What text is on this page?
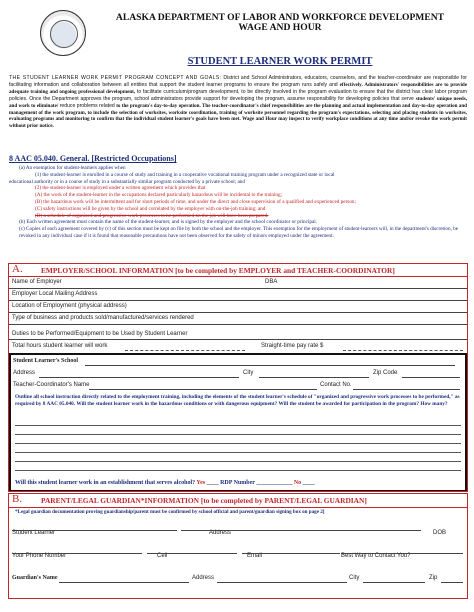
ALASKA DEPARTMENT OF LABOR AND WORKFORCE DEVELOPMENT
WAGE AND HOUR
STUDENT LEARNER WORK PERMIT
THE STUDENT LEARNER WORK PERMIT PROGRAM CONCEPT AND GOALS: District and School Administrators, educators, counselors, and the teacher-coordinator are responsible for facilitating information and collaboration between all entities that support the student learner programs to ensure the program runs safely and effectively. Administrators' responsibilities are to provide adequate training and ongoing professional development, to facilitate curriculum/program development, to be directly involved in the program evaluation to ensure that the district has clear labor program policies. Once the Department approves the program, school administrators provide support for developing the program, assume responsibility for developing policies that serve students' unique needs, and work to eliminate/ reduce problems related to the program's day-to-day operation. The teacher-coordinator's chief responsibilities are the planning and actual implementation and day-to-day operation and management of the work program, to include the selection of worksites, worksite coordination, training of worksite personnel regarding the program's expectations, selecting and placing students in worksites, evaluating programs and monitoring to confirm that the individual student learner's goals have been met. Wage and Hour may inspect to verify workplace conditions at any time and/or revoke the work permit without prior notice.
8 AAC 05.040. General. [Restricted Occupations]
(a) An exemption for student-learners applies when
(1) the student-learner is enrolled in a course of study and training in a cooperative vocational training program under a recognized state or local
educational authority or in a course of study in a substantially similar program conducted by a private school; and
(2) the student-learner is employed under a written agreement which provides that
(A) the work of the student-learner in the occupations declared particularly hazardous will be incidental to the training;
(B) the hazardous work will be intermittent and for short periods of time, and under the direct and close supervision of a qualified and experienced person;
(C) safety instructions will be given by the school and correlated by the employer with on-the-job training; and
(D) a schedule of organized and progressive work processes to be performed on the job will have been prepared.
(b) Each written agreement must contain the name of the student-learner, and is signed by the employer and the school coordinator or principal.
(c) Copies of each agreement covered by (c) of this section must be kept on file by both the school and the employer. This exemption for the employment of student-learners will, in the department's discretion, be revoked in any individual case if it is found that reasonable precautions have not been observed for the safety of minors employed under the agreement.
A. EMPLOYER/SCHOOL INFORMATION [to be completed by EMPLOYER and TEACHER-COORDINATOR]
Name of Employer	DBA
Employer Local Mailing Address
Location of Employment (physical address)
Type of business and products sold/manufactured/services rendered
Duties to be Performed/Equipment to be Used by Student Learner
Total hours student learner will work	Straight-time pay rate $
Student Learner's School
Address	City	Zip Code
Teacher-Coordinator's Name	Contact No.
Outline all school instruction directly related to the employment training, including the elements of the student learner's schedule of "organized and progressive work processes to be performed," as required by 8 AAC 05.040. Will the student learner work in the hazardous conditions or with dangerous equipment? Will the student be awarded for participation in the program? How many?
Will this student learner work in an establishment that serves alcohol? Yes ____ RDP Number ____________ No ____
B.	PARENT/LEGAL GUARDIAN*INFORMATION [to be completed by PARENT/LEGAL GUARDIAN]
*Legal guardian documentation proving guardianship/parent must be confirmed by school official and parent/guardian signing box on page 2]
Student Learner	Address	DOB
Your Phone Number	Cell	Email	Best Way to Contact You?
Guardian's Name	Address	City	Zip
